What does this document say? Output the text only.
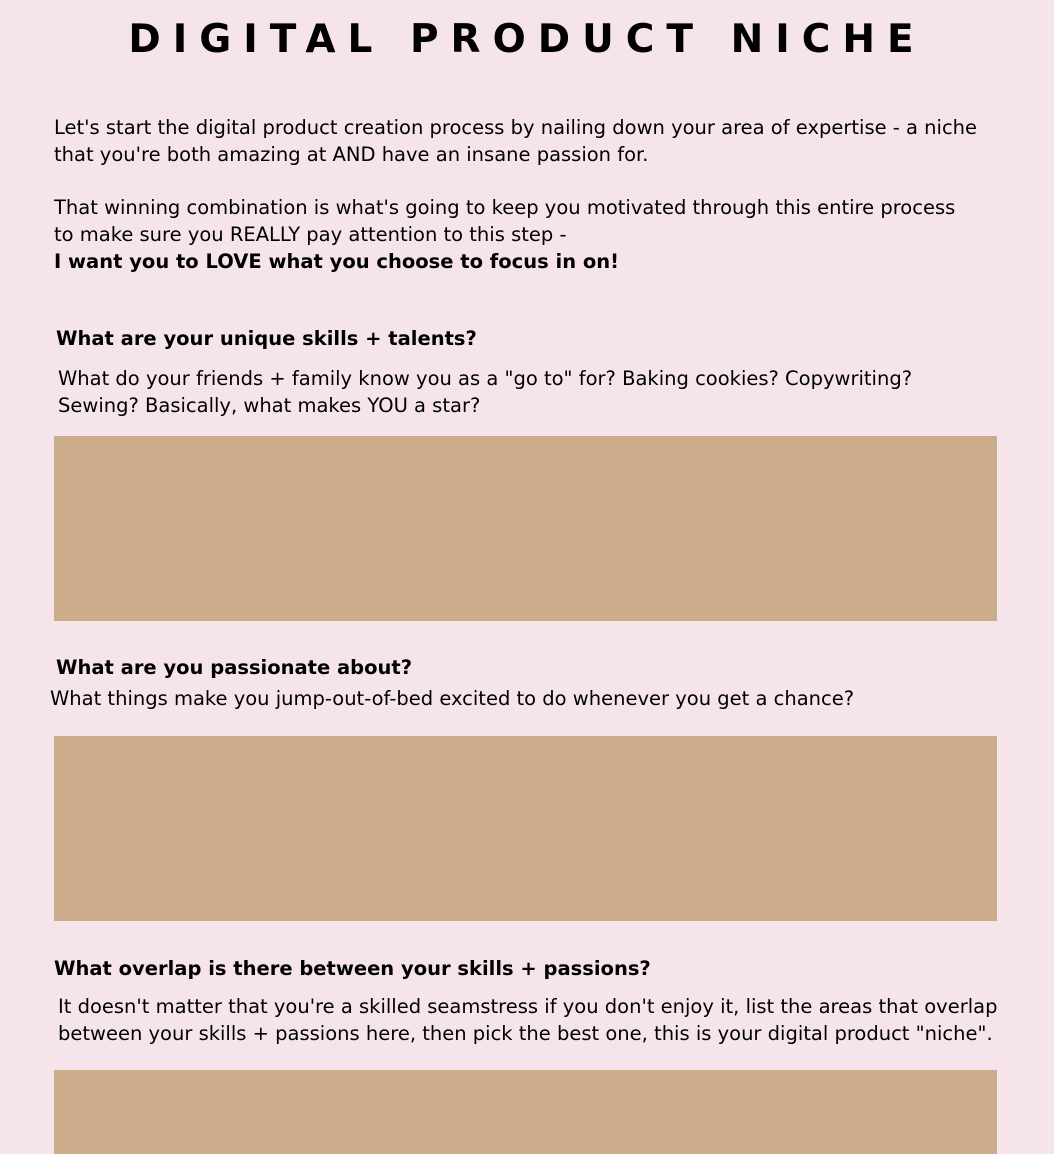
DIGITAL PRODUCT NICHE
Let's start the digital product creation process by nailing down your area of expertise - a niche
that you're both amazing at AND have an insane passion for.
That winning combination is what's going to keep you motivated through this entire process
to make sure you REALLY pay attention to this step -
I want you to LOVE what you choose to focus in on!
What are your unique skills + talents?
What do your friends + family know you as a "go to" for? Baking cookies? Copywriting?
Sewing? Basically, what makes YOU a star?
What are you passionate about?
What things make you jump-out-of-bed excited to do whenever you get a chance?
What overlap is there between your skills + passions?
It doesn't matter that you're a skilled seamstress if you don't enjoy it, list the areas that overlap
between your skills + passions here, then pick the best one, this is your digital product "niche".
